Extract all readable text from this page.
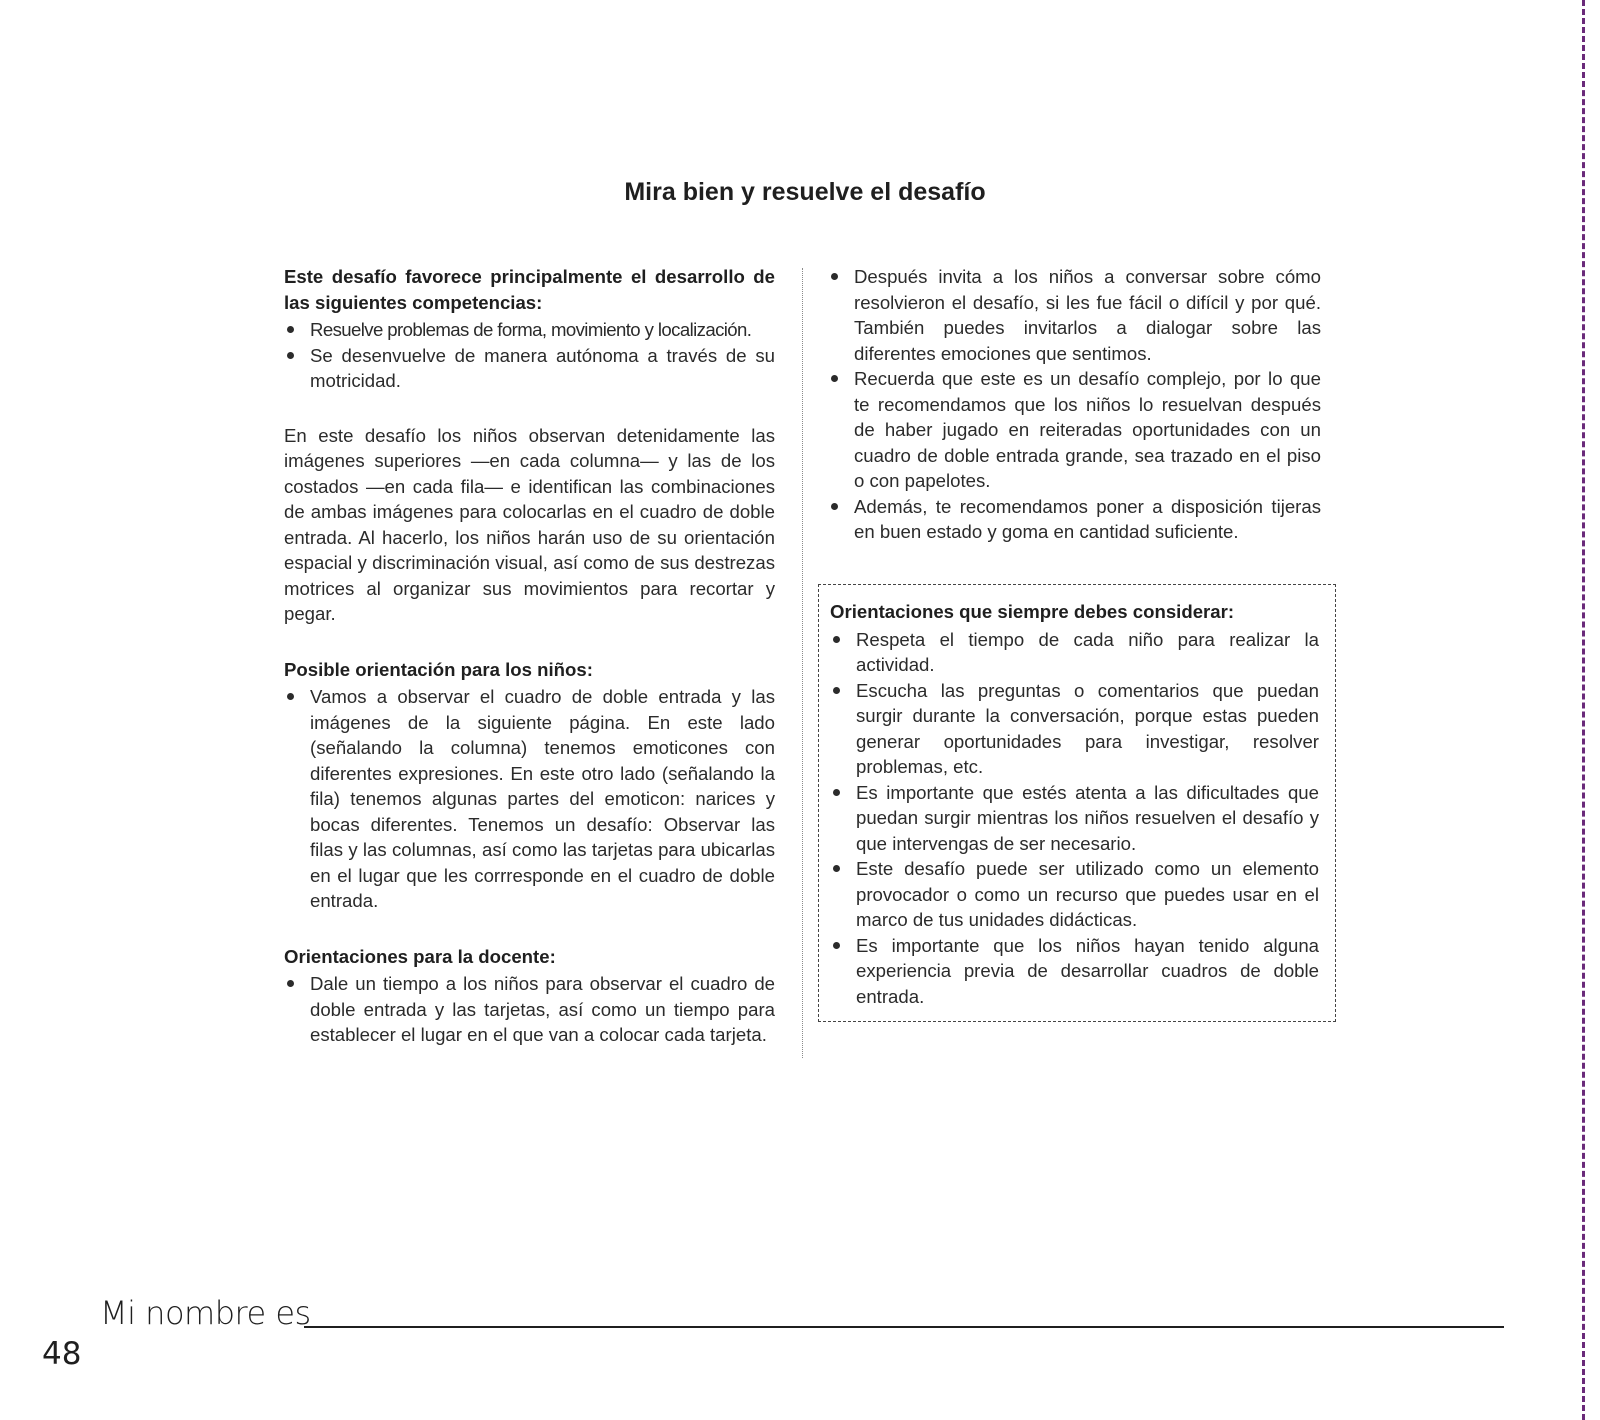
Mira bien y resuelve el desafío

Este desafío favorece principalmente el desarrollo de las siguientes competencias:

Resuelve problemas de forma, movimiento y localización.
Se desenvuelve de manera autónoma a través de su motricidad.

En este desafío los niños observan detenidamente las imágenes superiores —en cada columna— y las de los costados —en cada fila— e identifican las combinaciones de ambas imágenes para colocarlas en el cuadro de doble entrada. Al hacerlo, los niños harán uso de su orientación espacial y discriminación visual, así como de sus destrezas motrices al organizar sus movimientos para recortar y pegar.

Posible orientación para los niños:

Vamos a observar el cuadro de doble entrada y las imágenes de la siguiente página. En este lado (señalando la columna) tenemos emoticones con diferentes expresiones. En este otro lado (señalando la fila) tenemos algunas partes del emoticon: narices y bocas diferentes. Tenemos un desafío: Observar las filas y las columnas, así como las tarjetas para ubicarlas en el lugar que les corrresponde en el cuadro de doble entrada.

Orientaciones para la docente:

Dale un tiempo a los niños para observar el cuadro de doble entrada y las tarjetas, así como un tiempo para establecer el lugar en el que van a colocar cada tarjeta.
Después invita a los niños a conversar sobre cómo resolvieron el desafío, si les fue fácil o difícil y por qué. También puedes invitarlos a dialogar sobre las diferentes emociones que sentimos.
Recuerda que este es un desafío complejo, por lo que te recomendamos que los niños lo resuelvan después de haber jugado en reiteradas oportunidades con un cuadro de doble entrada grande, sea trazado en el piso o con papelotes.
Además, te recomendamos poner a disposición tijeras en buen estado y goma en cantidad suficiente.

Orientaciones que siempre debes considerar:

Respeta el tiempo de cada niño para realizar la actividad.
Escucha las preguntas o comentarios que puedan surgir durante la conversación, porque estas pueden generar oportunidades para investigar, resolver problemas, etc.
Es importante que estés atenta a las dificultades que puedan surgir mientras los niños resuelven el desafío y que intervengas de ser necesario.
Este desafío puede ser utilizado como un elemento provocador o como un recurso que puedes usar en el marco de tus unidades didácticas.
Es importante que los niños hayan tenido alguna experiencia previa de desarrollar cuadros de doble entrada.
Mi nombre es
48
